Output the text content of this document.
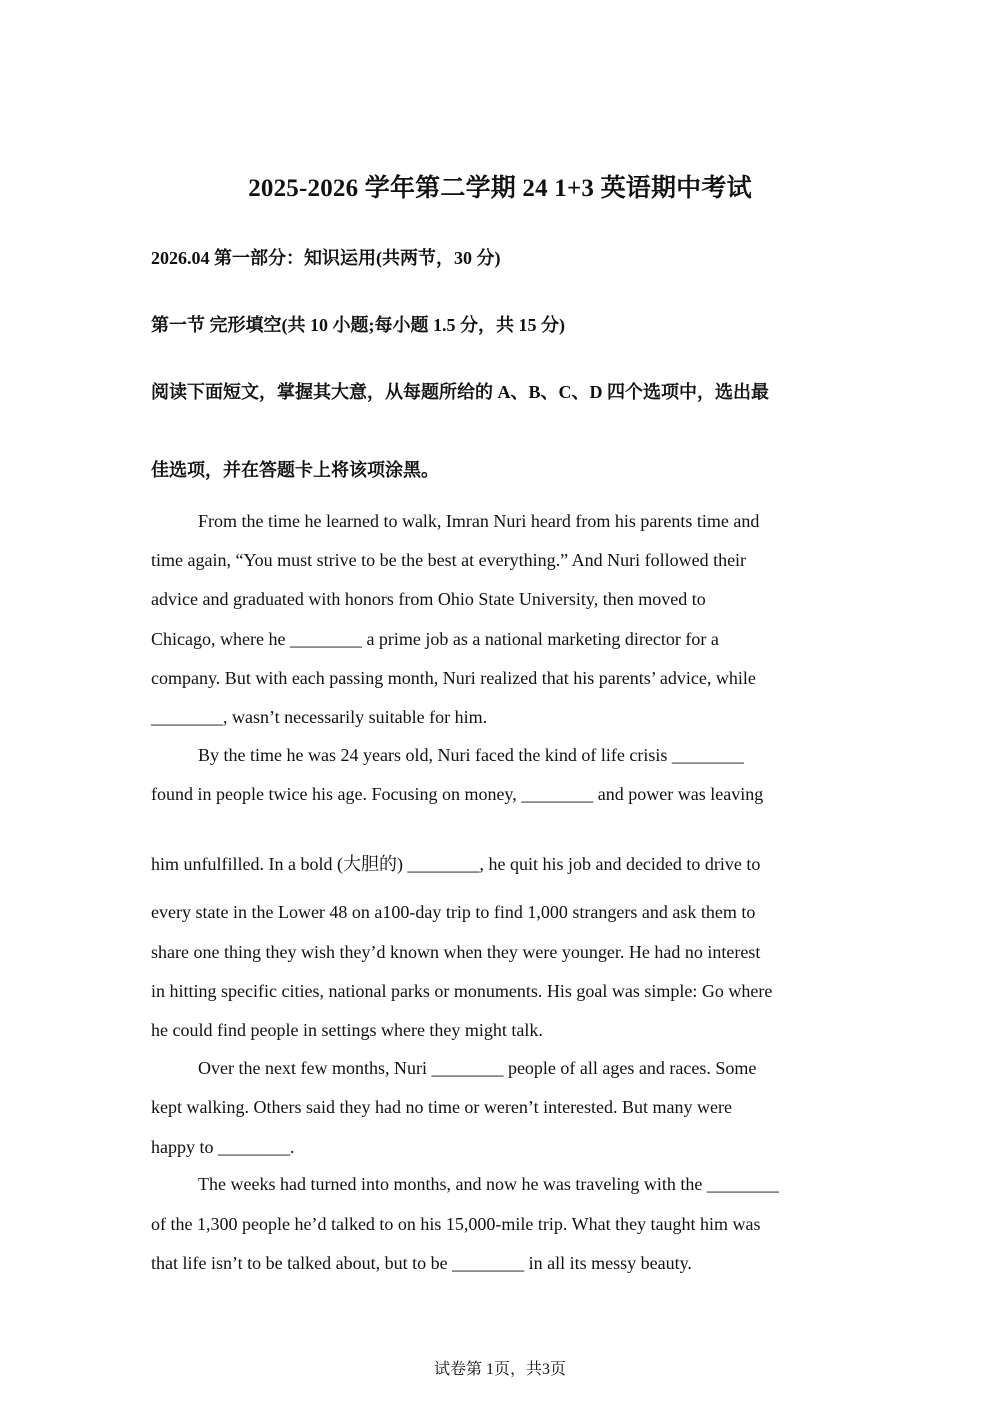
2025-2026 学年第二学期 24 1+3 英语期中考试
2026.04 第一部分：知识运用(共两节，30 分)
第一节 完形填空(共 10 小题;每小题 1.5 分，共 15 分)
阅读下面短文，掌握其大意，从每题所给的 A、B、C、D 四个选项中，选出最
佳选项，并在答题卡上将该项涂黑。
From the time he learned to walk, Imran Nuri heard from his parents time and
time again, “You must strive to be the best at everything.” And Nuri followed their
advice and graduated with honors from Ohio State University, then moved to
Chicago, where he ________ a prime job as a national marketing director for a
company. But with each passing month, Nuri realized that his parents’ advice, while
________, wasn’t necessarily suitable for him.
By the time he was 24 years old, Nuri faced the kind of life crisis ________
found in people twice his age. Focusing on money, ________ and power was leaving
him unfulfilled. In a bold (大胆的) ________, he quit his job and decided to drive to
every state in the Lower 48 on a100-day trip to find 1,000 strangers and ask them to
share one thing they wish they’d known when they were younger. He had no interest
in hitting specific cities, national parks or monuments. His goal was simple: Go where
he could find people in settings where they might talk.
Over the next few months, Nuri ________ people of all ages and races. Some
kept walking. Others said they had no time or weren’t interested. But many were
happy to ________.
The weeks had turned into months, and now he was traveling with the ________
of the 1,300 people he’d talked to on his 15,000-mile trip. What they taught him was
that life isn’t to be talked about, but to be ________ in all its messy beauty.
试卷第 1页，共3页
